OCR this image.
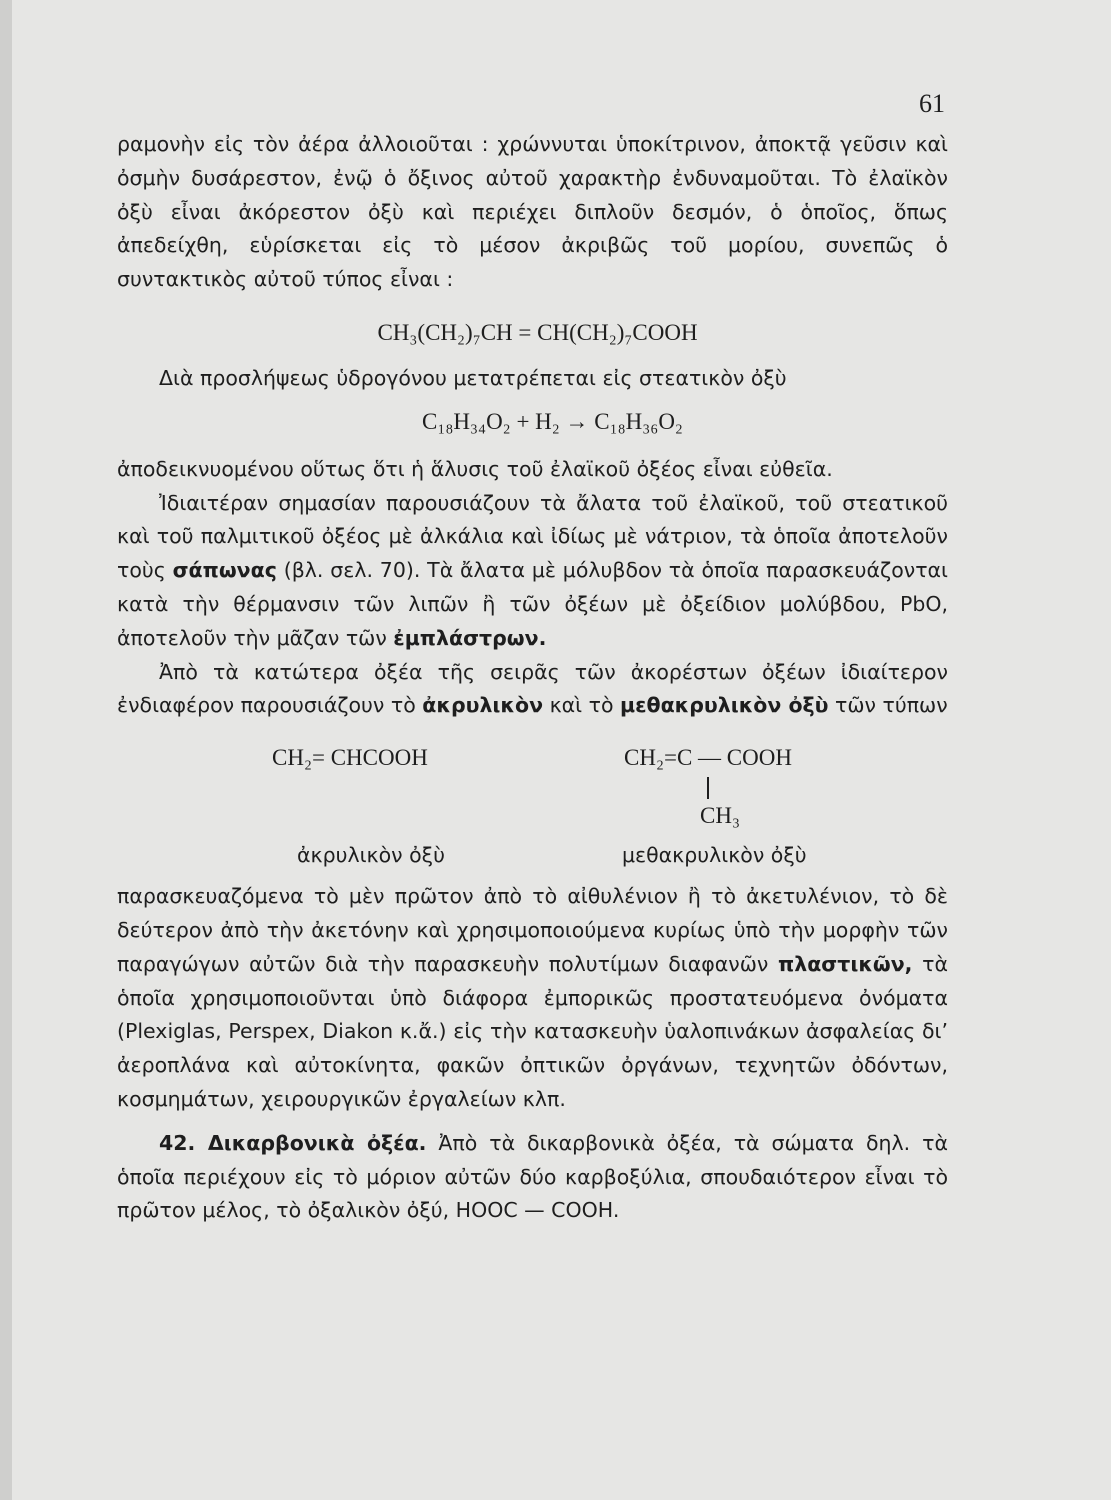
61

ραμονὴν εἰς τὸν ἀέρα ἀλλοιοῦται : χρώννυται ὑποκίτρινον, ἀποκτᾷ γεῦσιν καὶ ὀσμὴν δυσάρεστον, ἐνῷ ὁ ὄξινος αὐτοῦ χαρακτὴρ ἐνδυναμοῦται. Τὸ ἐλαϊκὸν ὀξὺ εἶναι ἀκόρεστον ὀξὺ καὶ περιέχει διπλοῦν δεσμόν, ὁ ὁποῖος, ὅπως ἀπεδείχθη, εὑρίσκεται εἰς τὸ μέσον ἀκριβῶς τοῦ μορίου, συνεπῶς ὁ συντακτικὸς αὐτοῦ τύπος εἶναι :

CH₃(CH₂)₇CH = CH(CH₂)₇COOH

Διὰ προσλήψεως ὑδρογόνου μετατρέπεται εἰς στεατικὸν ὀξὺ

C₁₈H₃₄O₂ + H₂ → C₁₈H₃₆O₂

ἀποδεικνυομένου οὕτως ὅτι ἡ ἅλυσις τοῦ ἐλαϊκοῦ ὀξέος εἶναι εὐθεῖα.

Ἰδιαιτέραν σημασίαν παρουσιάζουν τὰ ἄλατα τοῦ ἐλαϊκοῦ, τοῦ στεατικοῦ καὶ τοῦ παλμιτικοῦ ὀξέος μὲ ἀλκάλια καὶ ἰδίως μὲ νάτριον, τὰ ὁποῖα ἀποτελοῦν τοὺς σάπωνας (βλ. σελ. 70). Τὰ ἄλατα μὲ μόλυβδον τὰ ὁποῖα παρασκευάζονται κατὰ τὴν θέρμανσιν τῶν λιπῶν ἢ τῶν ὀξέων μὲ ὀξείδιον μολύβδου, PbO, ἀποτελοῦν τὴν μᾶζαν τῶν ἐμπλάστρων.

Ἀπὸ τὰ κατώτερα ὀξέα τῆς σειρᾶς τῶν ἀκορέστων ὀξέων ἰδιαίτερον ἐνδιαφέρον παρουσιάζουν τὸ ἀκρυλικὸν καὶ τὸ μεθακρυλικὸν ὀξὺ τῶν τύπων

CH₂= CHCOOH
ἀκρυλικὸν ὀξὺ
CH₂=C — COOH
CH₃
μεθακρυλικὸν ὀξὺ

παρασκευαζόμενα τὸ μὲν πρῶτον ἀπὸ τὸ αἰθυλένιον ἢ τὸ ἀκετυλένιον, τὸ δὲ δεύτερον ἀπὸ τὴν ἀκετόνην καὶ χρησιμοποιούμενα κυρίως ὑπὸ τὴν μορφὴν τῶν παραγώγων αὐτῶν διὰ τὴν παρασκευὴν πολυτίμων διαφανῶν πλαστικῶν, τὰ ὁποῖα χρησιμοποιοῦνται ὑπὸ διάφορα ἐμπορικῶς προστατευόμενα ὀνόματα (Plexiglas, Perspex, Diakon κ.ἄ.) εἰς τὴν κατασκευὴν ὑαλοπινάκων ἀσφαλείας δι’ ἀεροπλάνα καὶ αὐτοκίνητα, φακῶν ὀπτικῶν ὀργάνων, τεχνητῶν ὀδόντων, κοσμημάτων, χειρουργικῶν ἐργαλείων κλπ.

42. Δικαρβονικὰ ὀξέα. Ἀπὸ τὰ δικαρβονικὰ ὀξέα, τὰ σώματα δηλ. τὰ ὁποῖα περιέχουν εἰς τὸ μόριον αὐτῶν δύο καρβοξύλια, σπουδαιότερον εἶναι τὸ πρῶτον μέλος, τὸ ὀξαλικὸν ὀξύ, HOOC — COOH.
